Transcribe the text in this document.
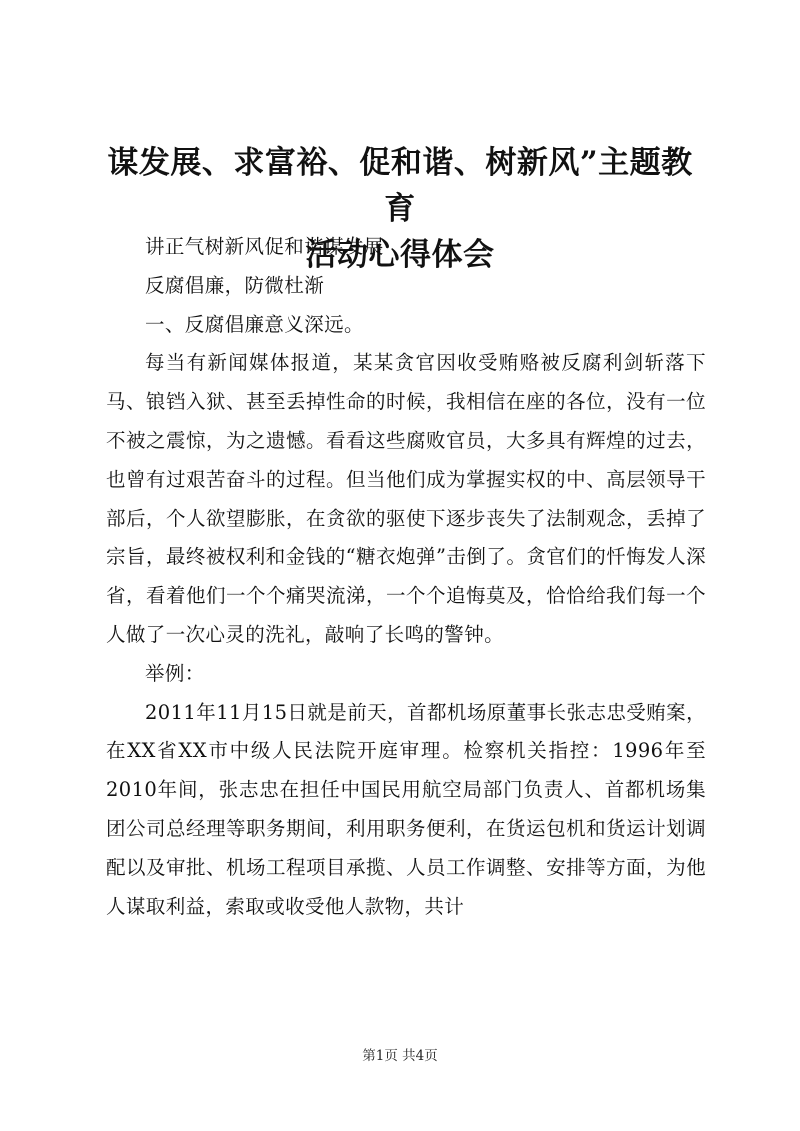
谋发展、求富裕、促和谐、树新风”主题教育
活动心得体会

讲正气树新风促和谐谋发展

反腐倡廉，防微杜渐

一、反腐倡廉意义深远。

每当有新闻媒体报道，某某贪官因收受贿赂被反腐利剑斩落下马、锒铛入狱、甚至丢掉性命的时候，我相信在座的各位，没有一位不被之震惊，为之遗憾。看看这些腐败官员，大多具有辉煌的过去，也曾有过艰苦奋斗的过程。但当他们成为掌握实权的中、高层领导干部后，个人欲望膨胀，在贪欲的驱使下逐步丧失了法制观念，丢掉了宗旨，最终被权利和金钱的“糖衣炮弹”击倒了。贪官们的忏悔发人深省，看着他们一个个痛哭流涕，一个个追悔莫及，恰恰给我们每一个人做了一次心灵的洗礼，敲响了长鸣的警钟。

举例：

2011年11月15日就是前天，首都机场原董事长张志忠受贿案，在XX省XX市中级人民法院开庭审理。检察机关指控：1996年至2010年间，张志忠在担任中国民用航空局部门负责人、首都机场集团公司总经理等职务期间，利用职务便利，在货运包机和货运计划调配以及审批、机场工程项目承揽、人员工作调整、安排等方面，为他人谋取利益，索取或收受他人款物，共计

第1页 共4页
